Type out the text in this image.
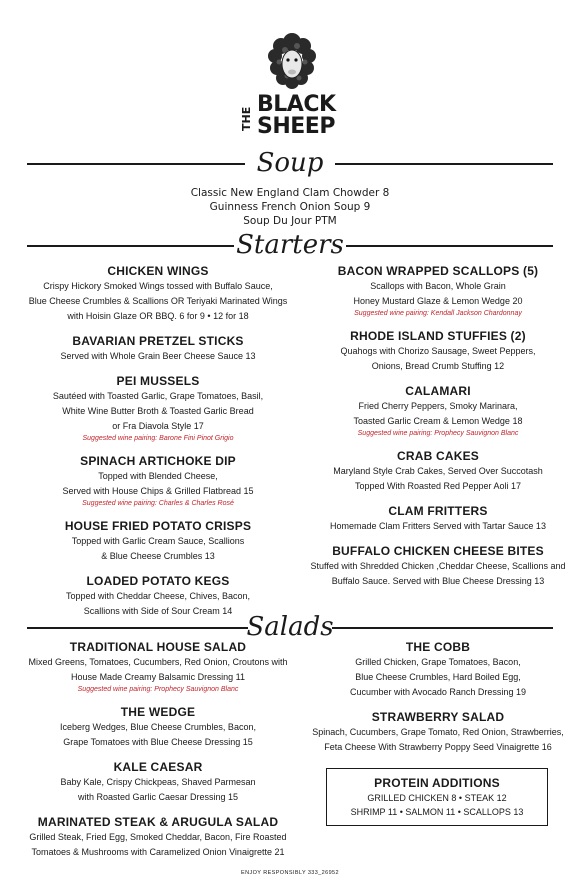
THE
BLACK
SHEEP
Soup
Classic New England Clam Chowder 8
Guinness French Onion Soup 9
Soup Du Jour PTM
Starters
CHICKEN WINGS
Crispy Hickory Smoked Wings tossed with Buffalo Sauce,
Blue Cheese Crumbles & Scallions OR Teriyaki Marinated Wings
with Hoisin Glaze OR BBQ. 6 for 9 • 12 for 18
BAVARIAN PRETZEL STICKS
Served with Whole Grain Beer Cheese Sauce 13
PEI MUSSELS
Sautéed with Toasted Garlic, Grape Tomatoes, Basil,
White Wine Butter Broth & Toasted Garlic Bread
or Fra Diavola Style 17
Suggested wine pairing: Barone Fini Pinot Grigio
SPINACH ARTICHOKE DIP
Topped with Blended Cheese,
Served with House Chips & Grilled Flatbread 15
Suggested wine pairing: Charles & Charles Rosé
HOUSE FRIED POTATO CRISPS
Topped with Garlic Cream Sauce, Scallions
& Blue Cheese Crumbles 13
LOADED POTATO KEGS
Topped with Cheddar Cheese, Chives, Bacon,
Scallions with Side of Sour Cream 14
BACON WRAPPED SCALLOPS (5)
Scallops with Bacon, Whole Grain
Honey Mustard Glaze & Lemon Wedge 20
Suggested wine pairing: Kendall Jackson Chardonnay
RHODE ISLAND STUFFIES (2)
Quahogs with Chorizo Sausage, Sweet Peppers,
Onions, Bread Crumb Stuffing 12
CALAMARI
Fried Cherry Peppers, Smoky Marinara,
Toasted Garlic Cream & Lemon Wedge 18
Suggested wine pairing: Prophecy Sauvignon Blanc
CRAB CAKES
Maryland Style Crab Cakes, Served Over Succotash
Topped With Roasted Red Pepper Aoli 17
CLAM FRITTERS
Homemade Clam Fritters Served with Tartar Sauce 13
BUFFALO CHICKEN CHEESE BITES
Stuffed with Shredded Chicken ,Cheddar Cheese, Scallions and
Buffalo Sauce. Served with Blue Cheese Dressing 13
Salads
TRADITIONAL HOUSE SALAD
Mixed Greens, Tomatoes, Cucumbers, Red Onion, Croutons with
House Made Creamy Balsamic Dressing 11
Suggested wine pairing: Prophecy Sauvignon Blanc
THE WEDGE
Iceberg Wedges, Blue Cheese Crumbles, Bacon,
Grape Tomatoes with Blue Cheese Dressing 15
KALE CAESAR
Baby Kale, Crispy Chickpeas, Shaved Parmesan
with Roasted Garlic Caesar Dressing 15
MARINATED STEAK & ARUGULA SALAD
Grilled Steak, Fried Egg, Smoked Cheddar, Bacon, Fire Roasted
Tomatoes & Mushrooms with Caramelized Onion Vinaigrette 21
THE COBB
Grilled Chicken, Grape Tomatoes, Bacon,
Blue Cheese Crumbles, Hard Boiled Egg,
Cucumber with Avocado Ranch Dressing 19
STRAWBERRY SALAD
Spinach, Cucumbers, Grape Tomato, Red Onion, Strawberries,
Feta Cheese With Strawberry Poppy Seed Vinaigrette 16
PROTEIN ADDITIONS
GRILLED CHICKEN 8 • STEAK 12
SHRIMP 11 • SALMON 11 • SCALLOPS 13
ENJOY RESPONSIBLY 333_26952
